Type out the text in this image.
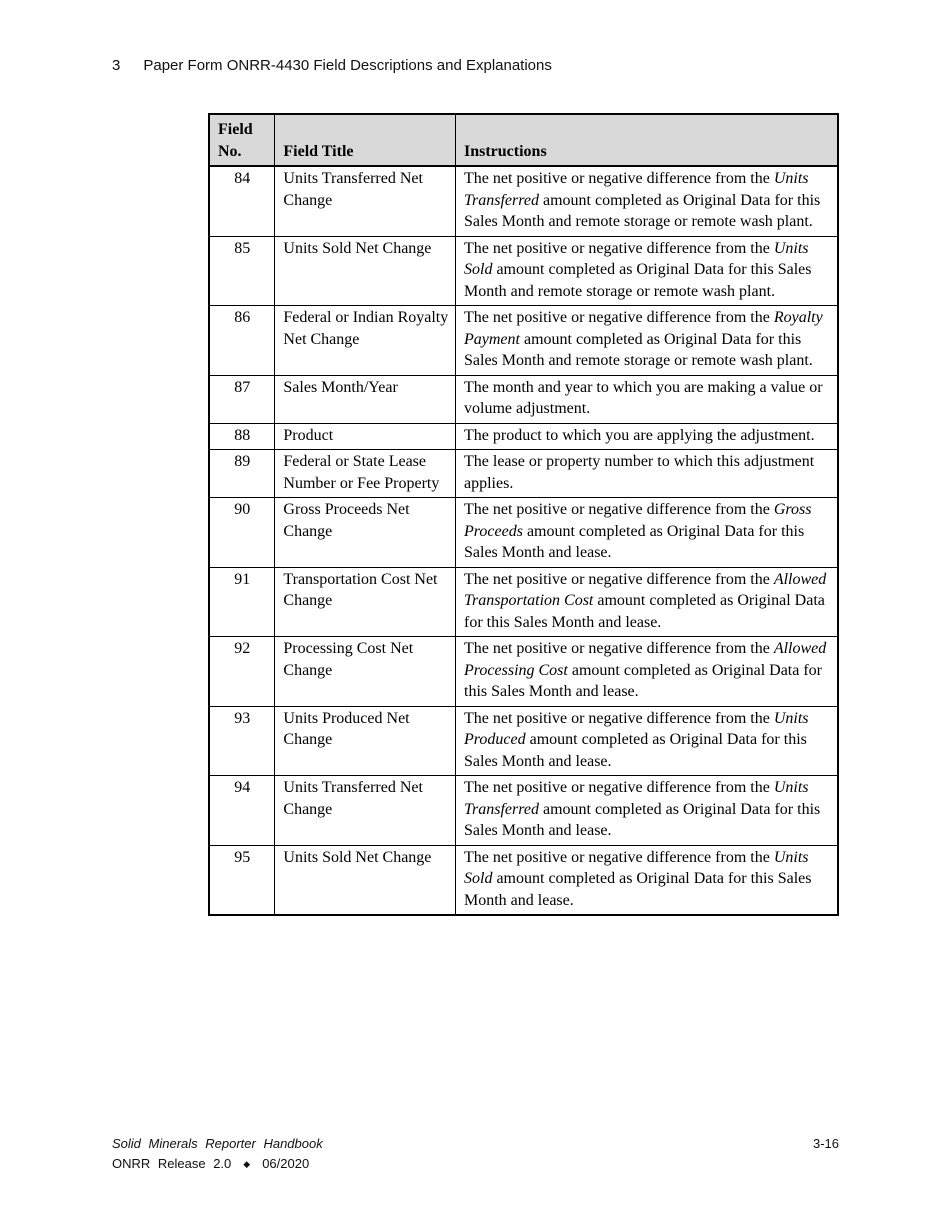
3 Paper Form ONRR-4430 Field Descriptions and Explanations
Field No.	Field Title	Instructions
84	Units Transferred Net Change	The net positive or negative difference from the Units Transferred amount completed as Original Data for this Sales Month and remote storage or remote wash plant.
85	Units Sold Net Change	The net positive or negative difference from the Units Sold amount completed as Original Data for this Sales Month and remote storage or remote wash plant.
86	Federal or Indian Royalty Net Change	The net positive or negative difference from the Royalty Payment amount completed as Original Data for this Sales Month and remote storage or remote wash plant.
87	Sales Month/Year	The month and year to which you are making a value or volume adjustment.
88	Product	The product to which you are applying the adjustment.
89	Federal or State Lease Number or Fee Property	The lease or property number to which this adjustment applies.
90	Gross Proceeds Net Change	The net positive or negative difference from the Gross Proceeds amount completed as Original Data for this Sales Month and lease.
91	Transportation Cost Net Change	The net positive or negative difference from the Allowed Transportation Cost amount completed as Original Data for this Sales Month and lease.
92	Processing Cost Net Change	The net positive or negative difference from the Allowed Processing Cost amount completed as Original Data for this Sales Month and lease.
93	Units Produced Net Change	The net positive or negative difference from the Units Produced amount completed as Original Data for this Sales Month and lease.
94	Units Transferred Net Change	The net positive or negative difference from the Units Transferred amount completed as Original Data for this Sales Month and lease.
95	Units Sold Net Change	The net positive or negative difference from the Units Sold amount completed as Original Data for this Sales Month and lease.
Solid Minerals Reporter Handbook
ONRR Release 2.0 ◆ 06/2020
3-16
